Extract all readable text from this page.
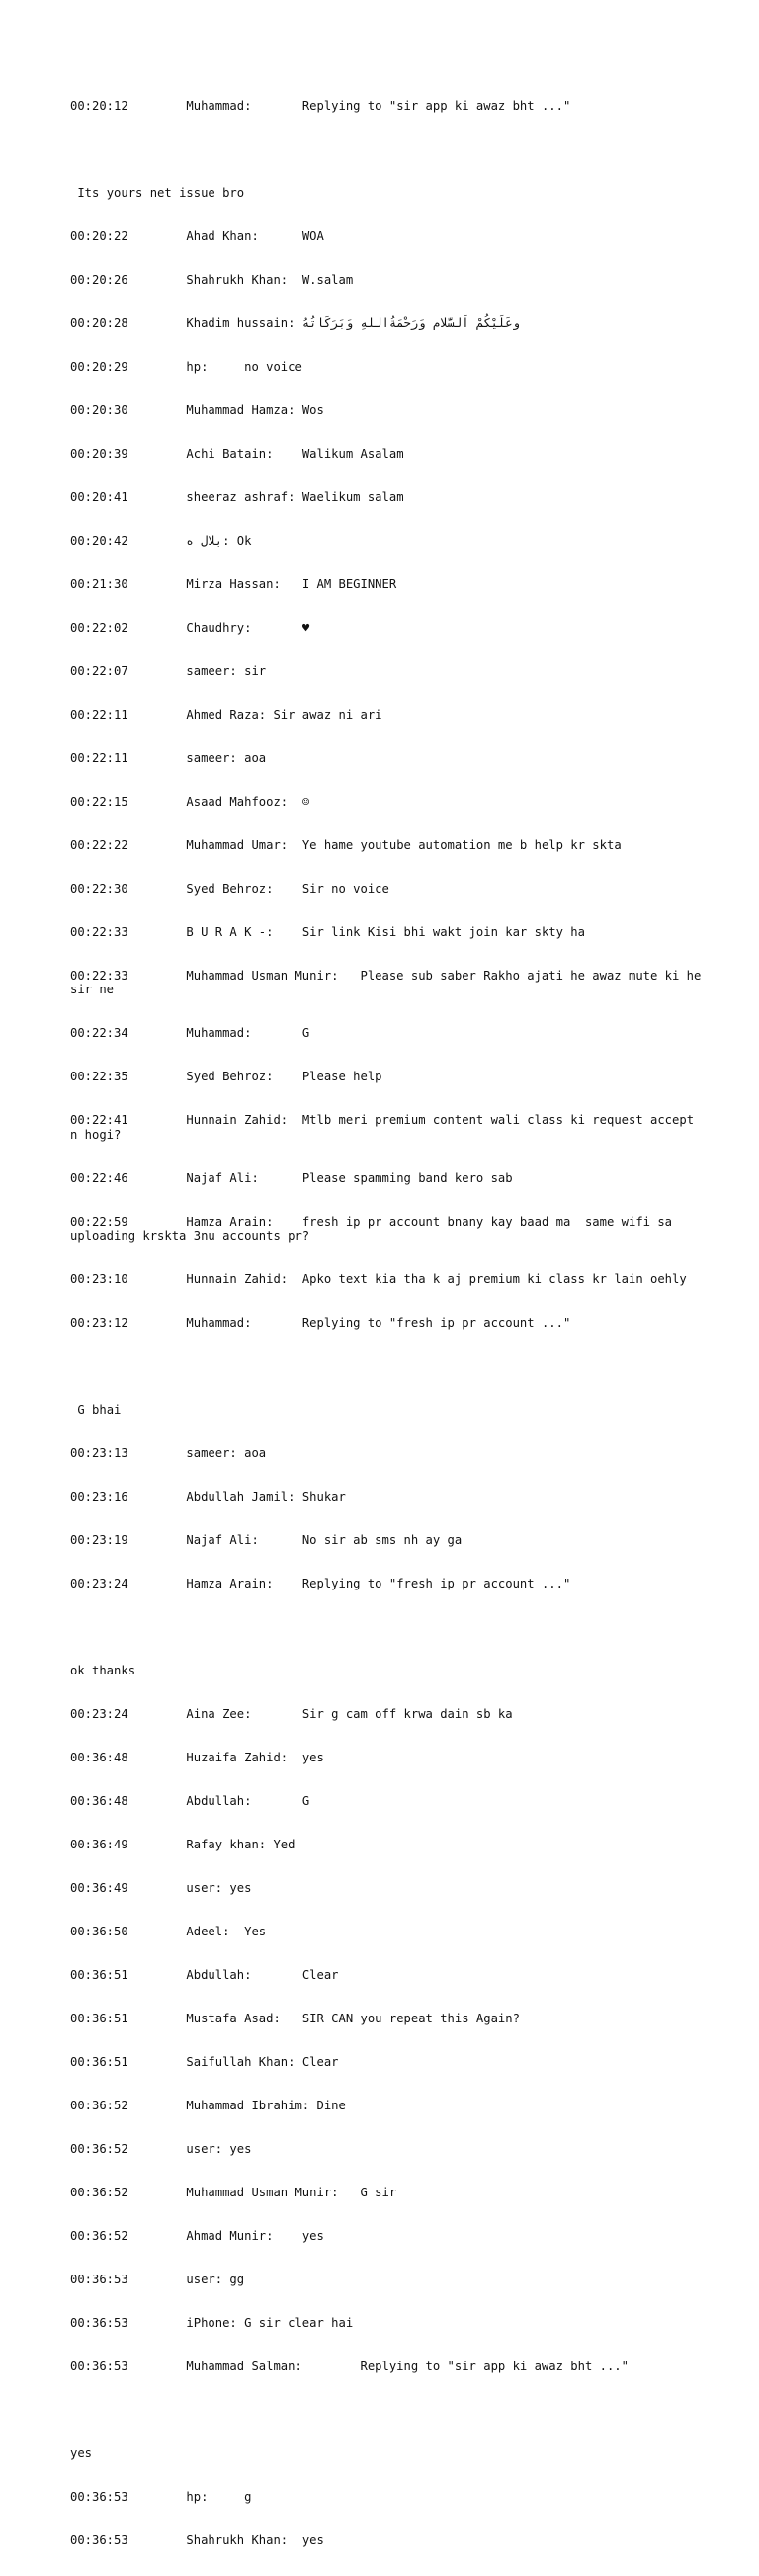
00:20:12	Muhammad:	Replying to "sir app ki awaz bht ..."

Its yours net issue bro

00:20:22	Ahad Khan:	WOA

00:20:26	Shahrukh Khan:	W.salam

00:20:28	Khadim hussain:	وعَلَيْكُمْ اَلسَّلام وَرَحْمَةُاللهِ وَبَرَكَاتُهُ

00:20:29	hp:	no voice

00:20:30	Muhammad Hamza:	Wos

00:20:39	Achi Batain:	Walikum Asalam

00:20:41	sheeraz ashraf:	Waelikum salam

00:20:42	بلال ه: Ok

00:21:30	Mirza Hassan:	I AM BEGINNER

00:22:02	Chaudhry:	♥

00:22:07	sameer:	sir

00:22:11	Ahmed Raza: Sir awaz ni ari

00:22:11	sameer:	aoa

00:22:15	Asaad Mahfooz:	☺

00:22:22	Muhammad Umar:	Ye hame youtube automation me b help kr skta

00:22:30	Syed Behroz:	Sir no voice

00:22:33	B U R A K -:	Sir link Kisi bhi wakt join kar skty ha

00:22:33	Muhammad Usman Munir:	Please sub saber Rakho ajati he awaz mute ki he sir ne

00:22:34	Muhammad:	G

00:22:35	Syed Behroz:	Please help

00:22:41	Hunnain Zahid:	Mtlb meri premium content wali class ki request accept n hogi?

00:22:46	Najaf Ali:	Please spamming band kero sab

00:22:59	Hamza Arain:	fresh ip pr account bnany kay baad ma  same wifi sa uploading krskta 3nu accounts pr?

00:23:10	Hunnain Zahid:	Apko text kia tha k aj premium ki class kr lain oehly

00:23:12	Muhammad:	Replying to "fresh ip pr account ..."

G bhai

00:23:13	sameer:	aoa

00:23:16	Abdullah Jamil:	Shukar

00:23:19	Najaf Ali:	No sir ab sms nh ay ga

00:23:24	Hamza Arain:	Replying to "fresh ip pr account ..."

ok thanks

00:23:24	Aina Zee:	Sir g cam off krwa dain sb ka

00:36:48	Huzaifa Zahid:	yes

00:36:48	Abdullah:	G

00:36:49	Rafay khan: Yed

00:36:49	user: yes

00:36:50	Adeel:	Yes

00:36:51	Abdullah:	Clear

00:36:51	Mustafa Asad:	SIR CAN you repeat this Again?

00:36:51	Saifullah Khan:	Clear

00:36:52	Muhammad Ibrahim: Dine

00:36:52	user: yes

00:36:52	Muhammad Usman Munir:	G sir

00:36:52	Ahmad Munir:	yes

00:36:53	user: gg

00:36:53	iPhone:	G sir clear hai

00:36:53	Muhammad Salman:	Replying to "sir app ki awaz bht ..."

yes

00:36:53	hp:	g

00:36:53	Shahrukh Khan:	yes
